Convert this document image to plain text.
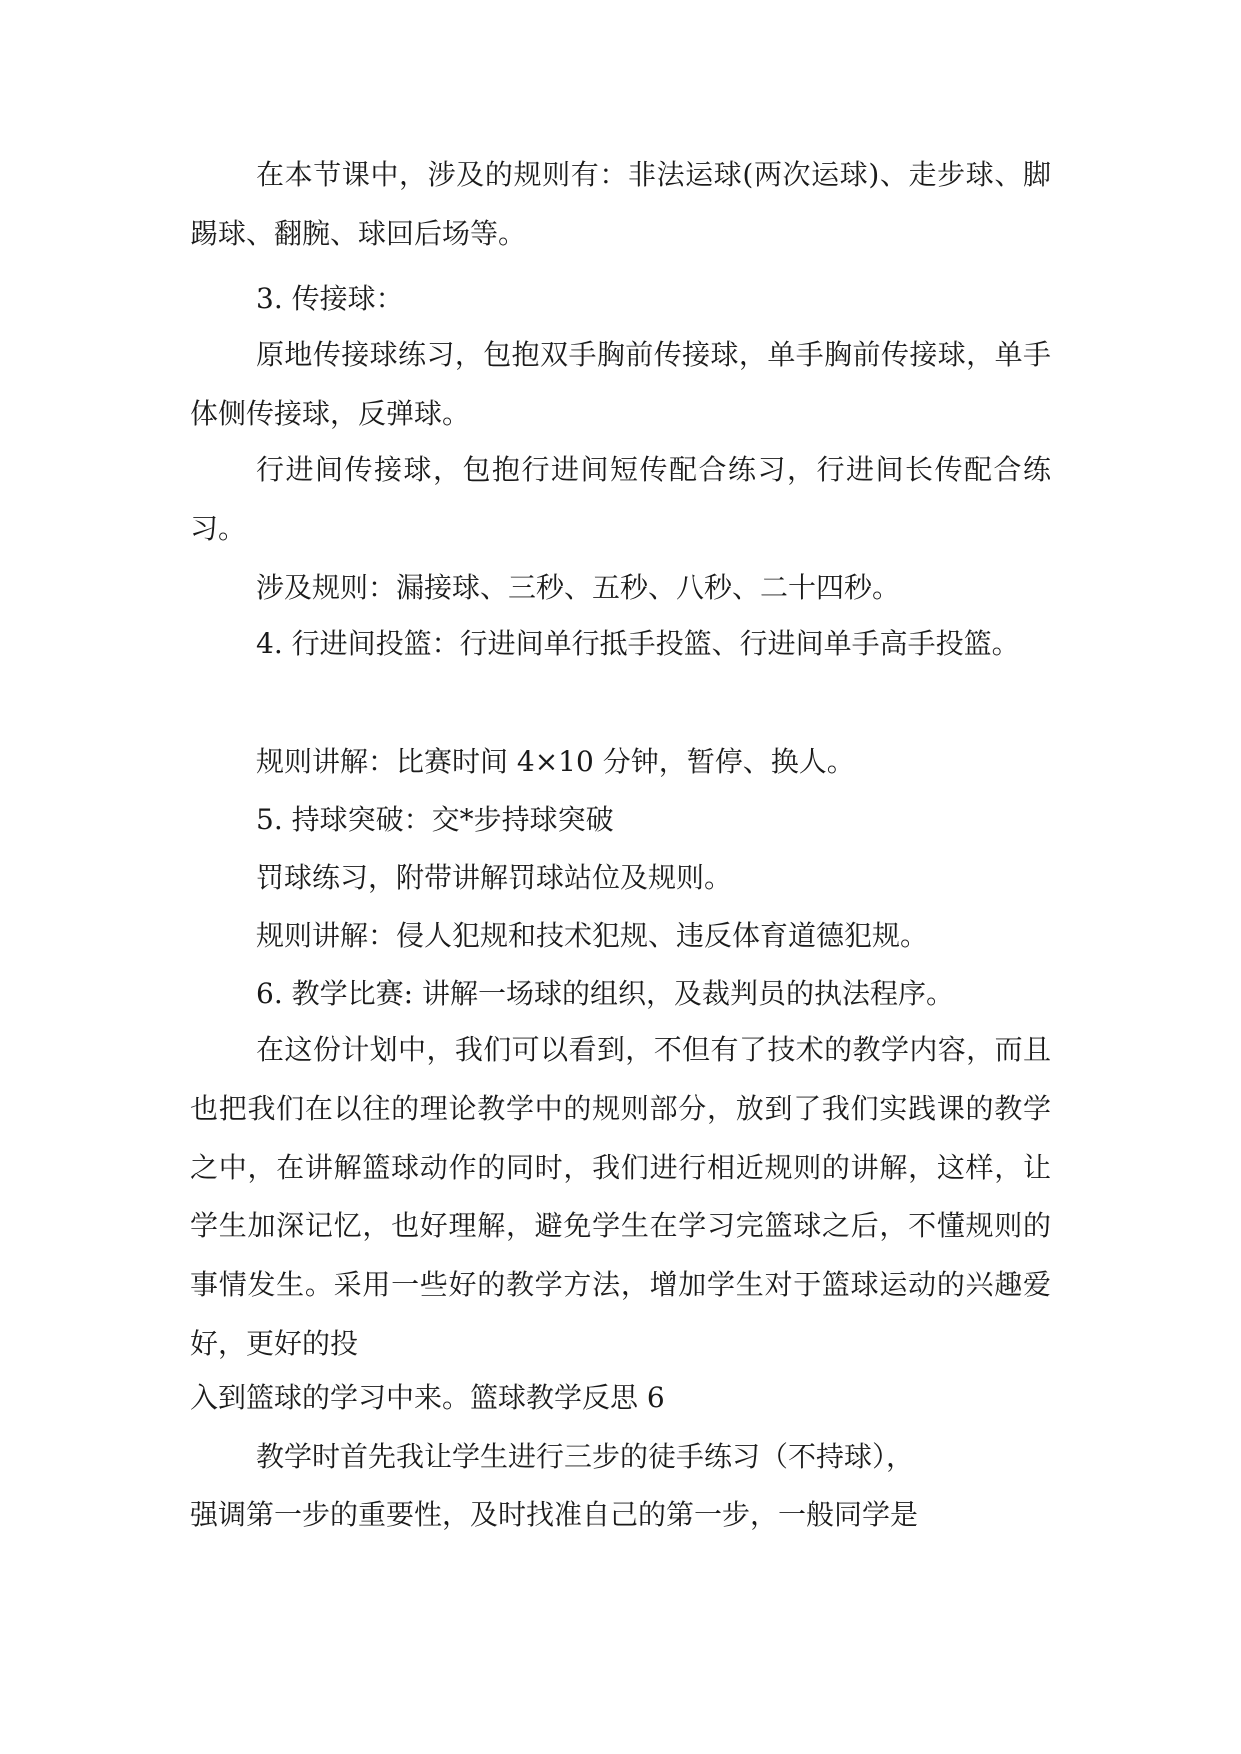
在本节课中，涉及的规则有：非法运球(两次运球)、走步球、脚踢球、翻腕、球回后场等。

3. 传接球：

原地传接球练习，包抱双手胸前传接球，单手胸前传接球，单手体侧传接球，反弹球。

行进间传接球，包抱行进间短传配合练习，行进间长传配合练习。

涉及规则：漏接球、三秒、五秒、八秒、二十四秒。

4. 行进间投篮：行进间单行抵手投篮、行进间单手高手投篮。

规则讲解：比赛时间 4×10 分钟，暂停、换人。
5. 持球突破：交*步持球突破
罚球练习，附带讲解罚球站位及规则。
规则讲解：侵人犯规和技术犯规、违反体育道德犯规。
6. 教学比赛: 讲解一场球的组织，及裁判员的执法程序。

在这份计划中，我们可以看到，不但有了技术的教学内容，而且也把我们在以往的理论教学中的规则部分，放到了我们实践课的教学之中，在讲解篮球动作的同时，我们进行相近规则的讲解，这样，让学生加深记忆，也好理解，避免学生在学习完篮球之后，不懂规则的事情发生。采用一些好的教学方法，增加学生对于篮球运动的兴趣爱好，更好的投

入到篮球的学习中来。篮球教学反思 6
教学时首先我让学生进行三步的徒手练习（不持球），
强调第一步的重要性，及时找准自己的第一步，一般同学是
